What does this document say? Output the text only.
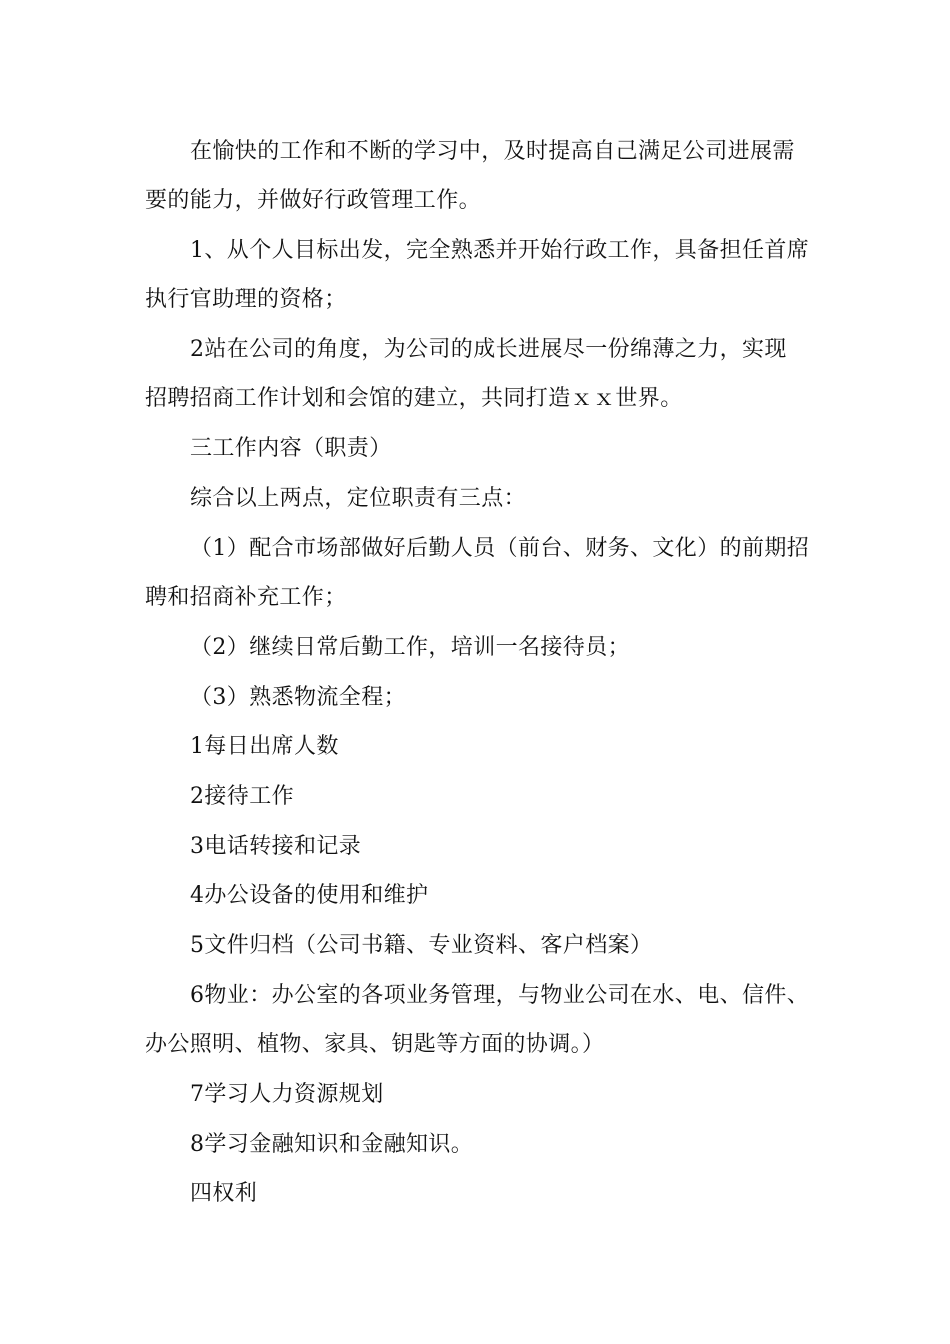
在愉快的工作和不断的学习中，及时提高自己满足公司进展需
要的能力，并做好行政管理工作。
1、从个人目标出发，完全熟悉并开始行政工作，具备担任首席
执行官助理的资格；
2站在公司的角度，为公司的成长进展尽一份绵薄之力，实现
招聘招商工作计划和会馆的建立，共同打造ｘｘ世界。
三工作内容（职责）
综合以上两点，定位职责有三点：
（1）配合市场部做好后勤人员（前台、财务、文化）的前期招
聘和招商补充工作；
（2）继续日常后勤工作，培训一名接待员；
（3）熟悉物流全程；
1每日出席人数
2接待工作
3电话转接和记录
4办公设备的使用和维护
5文件归档（公司书籍、专业资料、客户档案）
6物业：办公室的各项业务管理，与物业公司在水、电、信件、
办公照明、植物、家具、钥匙等方面的协调。）
7学习人力资源规划
8学习金融知识和金融知识。
四权利
